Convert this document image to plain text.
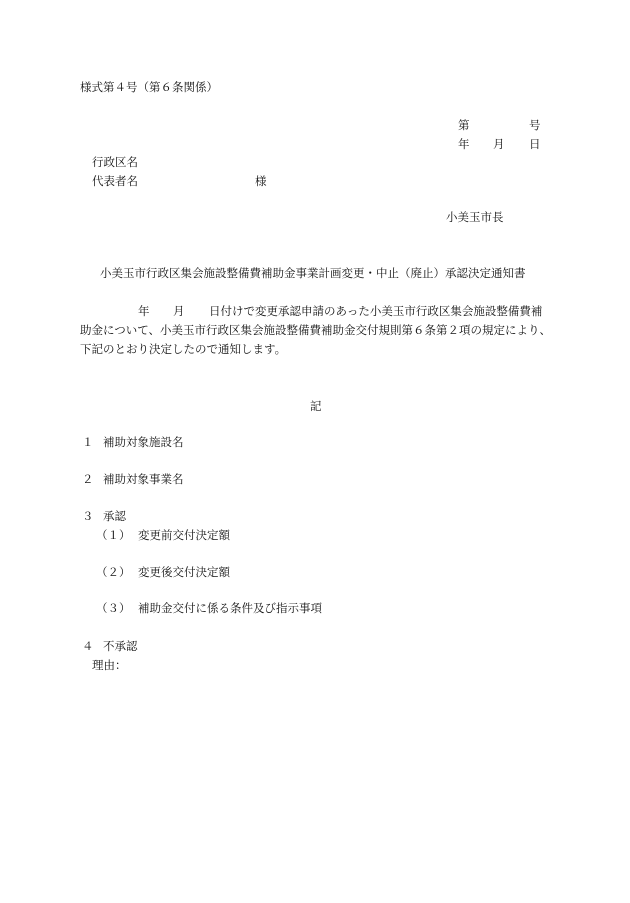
様式第４号（第６条関係）
第	号
年 月 日
行政区名
代表者名	様
小美玉市長
小美玉市行政区集会施設整備費補助金事業計画変更・中止（廃止）承認決定通知書
年 月 日付けで変更承認申請のあった小美玉市行政区集会施設整備費補
助金について、小美玉市行政区集会施設整備費補助金交付規則第６条第２項の規定により、
下記のとおり決定したので通知します。
記
１ 補助対象施設名
２ 補助対象事業名
３ 承認
（１） 変更前交付決定額
（２） 変更後交付決定額
（３） 補助金交付に係る条件及び指示事項
４ 不承認
理由：
